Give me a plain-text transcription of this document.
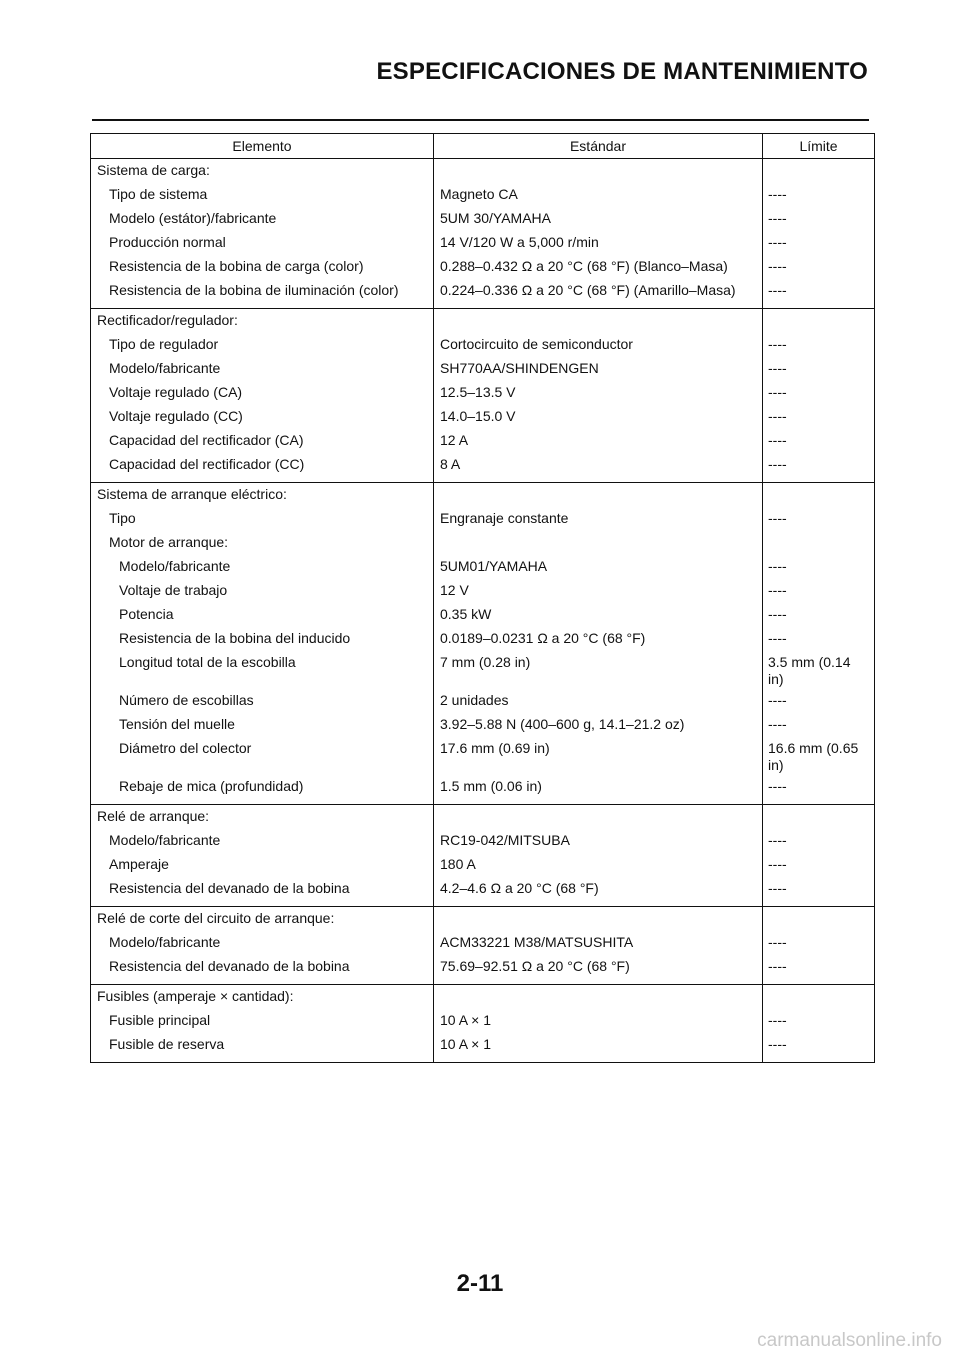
ESPECIFICACIONES DE MANTENIMIENTO
Elemento	Estándar	Límite
Sistema de carga:		
Tipo de sistema	Magneto CA	----
Modelo (estátor)/fabricante	5UM 30/YAMAHA	----
Producción normal	14 V/120 W a 5,000 r/min	----
Resistencia de la bobina de carga (color)	0.288–0.432 Ω a 20 °C (68 °F) (Blanco–Masa)	----
Resistencia de la bobina de iluminación (color)	0.224–0.336 Ω a 20 °C (68 °F) (Amarillo–Masa)	----
Rectificador/regulador:		
Tipo de regulador	Cortocircuito de semiconductor	----
Modelo/fabricante	SH770AA/SHINDENGEN	----
Voltaje regulado (CA)	12.5–13.5 V	----
Voltaje regulado (CC)	14.0–15.0 V	----
Capacidad del rectificador (CA)	12 A	----
Capacidad del rectificador (CC)	8 A	----
Sistema de arranque eléctrico:		
Tipo	Engranaje constante	----
Motor de arranque:		
Modelo/fabricante	5UM01/YAMAHA	----
Voltaje de trabajo	12 V	----
Potencia	0.35 kW	----
Resistencia de la bobina del inducido	0.0189–0.0231 Ω a 20 °C (68 °F)	----
Longitud total de la escobilla	7 mm (0.28 in)	3.5 mm (0.14 in)
Número de escobillas	2 unidades	----
Tensión del muelle	3.92–5.88 N (400–600 g, 14.1–21.2 oz)	----
Diámetro del colector	17.6 mm (0.69 in)	16.6 mm (0.65 in)
Rebaje de mica (profundidad)	1.5 mm (0.06 in)	----
Relé de arranque:		
Modelo/fabricante	RC19-042/MITSUBA	----
Amperaje	180 A	----
Resistencia del devanado de la bobina	4.2–4.6 Ω a 20 °C (68 °F)	----
Relé de corte del circuito de arranque:		
Modelo/fabricante	ACM33221 M38/MATSUSHITA	----
Resistencia del devanado de la bobina	75.69–92.51 Ω a 20 °C (68 °F)	----
Fusibles (amperaje × cantidad):		
Fusible principal	10 A × 1	----
Fusible de reserva	10 A × 1	----
2-11
carmanualsonline.info
